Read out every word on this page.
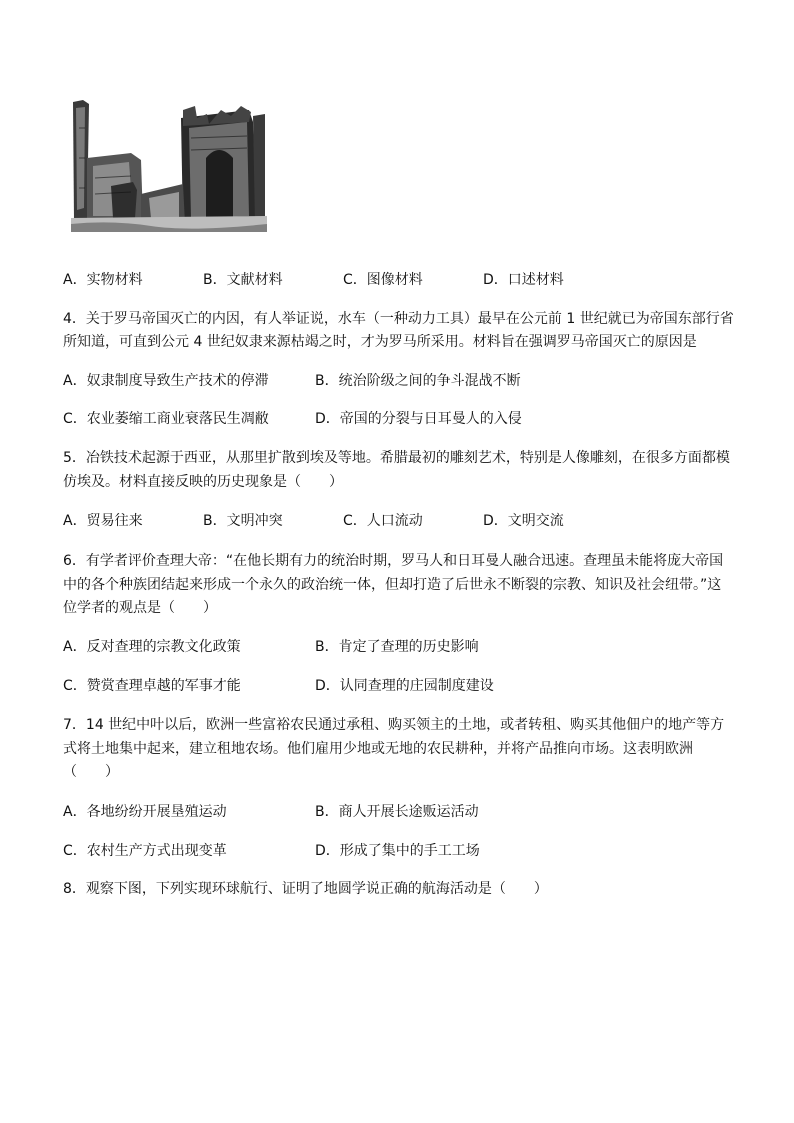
A．实物材料	B．文献材料	C．图像材料	D．口述材料
4．关于罗马帝国灭亡的内因，有人举证说，水车（一种动力工具）最早在公元前 1 世纪就已为帝国东部行省
所知道，可直到公元 4 世纪奴隶来源枯竭之时，才为罗马所采用。材料旨在强调罗马帝国灭亡的原因是
A．奴隶制度导致生产技术的停滞	B．统治阶级之间的争斗混战不断
C．农业萎缩工商业衰落民生凋敝	D．帝国的分裂与日耳曼人的入侵
5．冶铁技术起源于西亚，从那里扩散到埃及等地。希腊最初的雕刻艺术，特别是人像雕刻，在很多方面都模
仿埃及。材料直接反映的历史现象是（　　）
A．贸易往来	B．文明冲突	C．人口流动	D．文明交流
6．有学者评价查理大帝：“在他长期有力的统治时期，罗马人和日耳曼人融合迅速。查理虽未能将庞大帝国
中的各个种族团结起来形成一个永久的政治统一体，但却打造了后世永不断裂的宗教、知识及社会纽带。”这
位学者的观点是（　　）
A．反对查理的宗教文化政策	B．肯定了查理的历史影响
C．赞赏查理卓越的军事才能	D．认同查理的庄园制度建设
7．14 世纪中叶以后，欧洲一些富裕农民通过承租、购买领主的土地，或者转租、购买其他佃户的地产等方
式将土地集中起来，建立租地农场。他们雇用少地或无地的农民耕种，并将产品推向市场。这表明欧洲
（　　）
A．各地纷纷开展垦殖运动	B．商人开展长途贩运活动
C．农村生产方式出现变革	D．形成了集中的手工工场
8．观察下图，下列实现环球航行、证明了地圆学说正确的航海活动是（　　）
